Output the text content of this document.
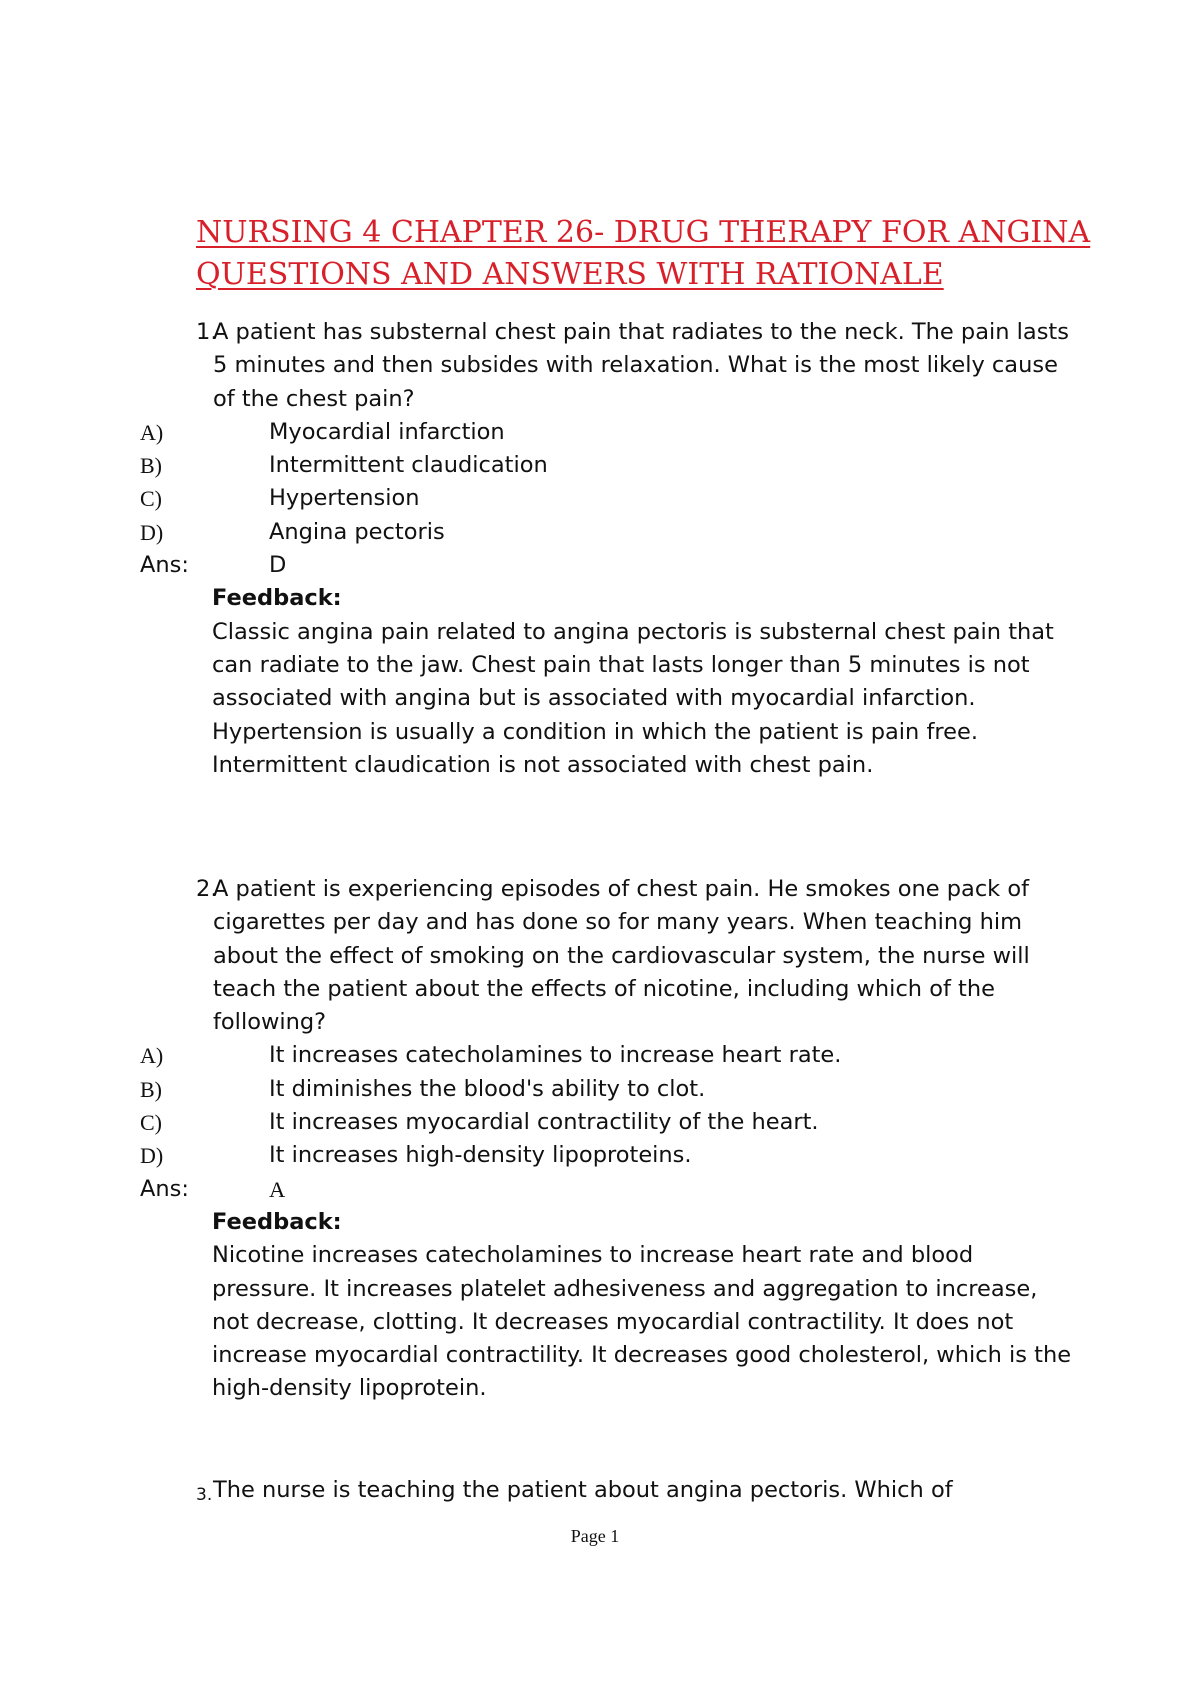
NURSING 4 CHAPTER 26- DRUG THERAPY FOR ANGINA
QUESTIONS AND ANSWERS WITH RATIONALE
1.
A patient has substernal chest pain that radiates to the neck. The pain lasts
5 minutes and then subsides with relaxation. What is the most likely cause
of the chest pain?
A)	Myocardial infarction
B)	Intermittent claudication
C)	Hypertension
D)	Angina pectoris
Ans:	D
Feedback:
Classic angina pain related to angina pectoris is substernal chest pain that
can radiate to the jaw. Chest pain that lasts longer than 5 minutes is not
associated with angina but is associated with myocardial infarction.
Hypertension is usually a condition in which the patient is pain free.
Intermittent claudication is not associated with chest pain.
2.
A patient is experiencing episodes of chest pain. He smokes one pack of
cigarettes per day and has done so for many years. When teaching him
about the effect of smoking on the cardiovascular system, the nurse will
teach the patient about the effects of nicotine, including which of the
following?
A)	It increases catecholamines to increase heart rate.
B)	It diminishes the blood's ability to clot.
C)	It increases myocardial contractility of the heart.
D)	It increases high-density lipoproteins.
Ans:	A
Feedback:
Nicotine increases catecholamines to increase heart rate and blood
pressure. It increases platelet adhesiveness and aggregation to increase,
not decrease, clotting. It decreases myocardial contractility. It does not
increase myocardial contractility. It decreases good cholesterol, which is the
high-density lipoprotein.
3. The nurse is teaching the patient about angina pectoris. Which of
Page 1
